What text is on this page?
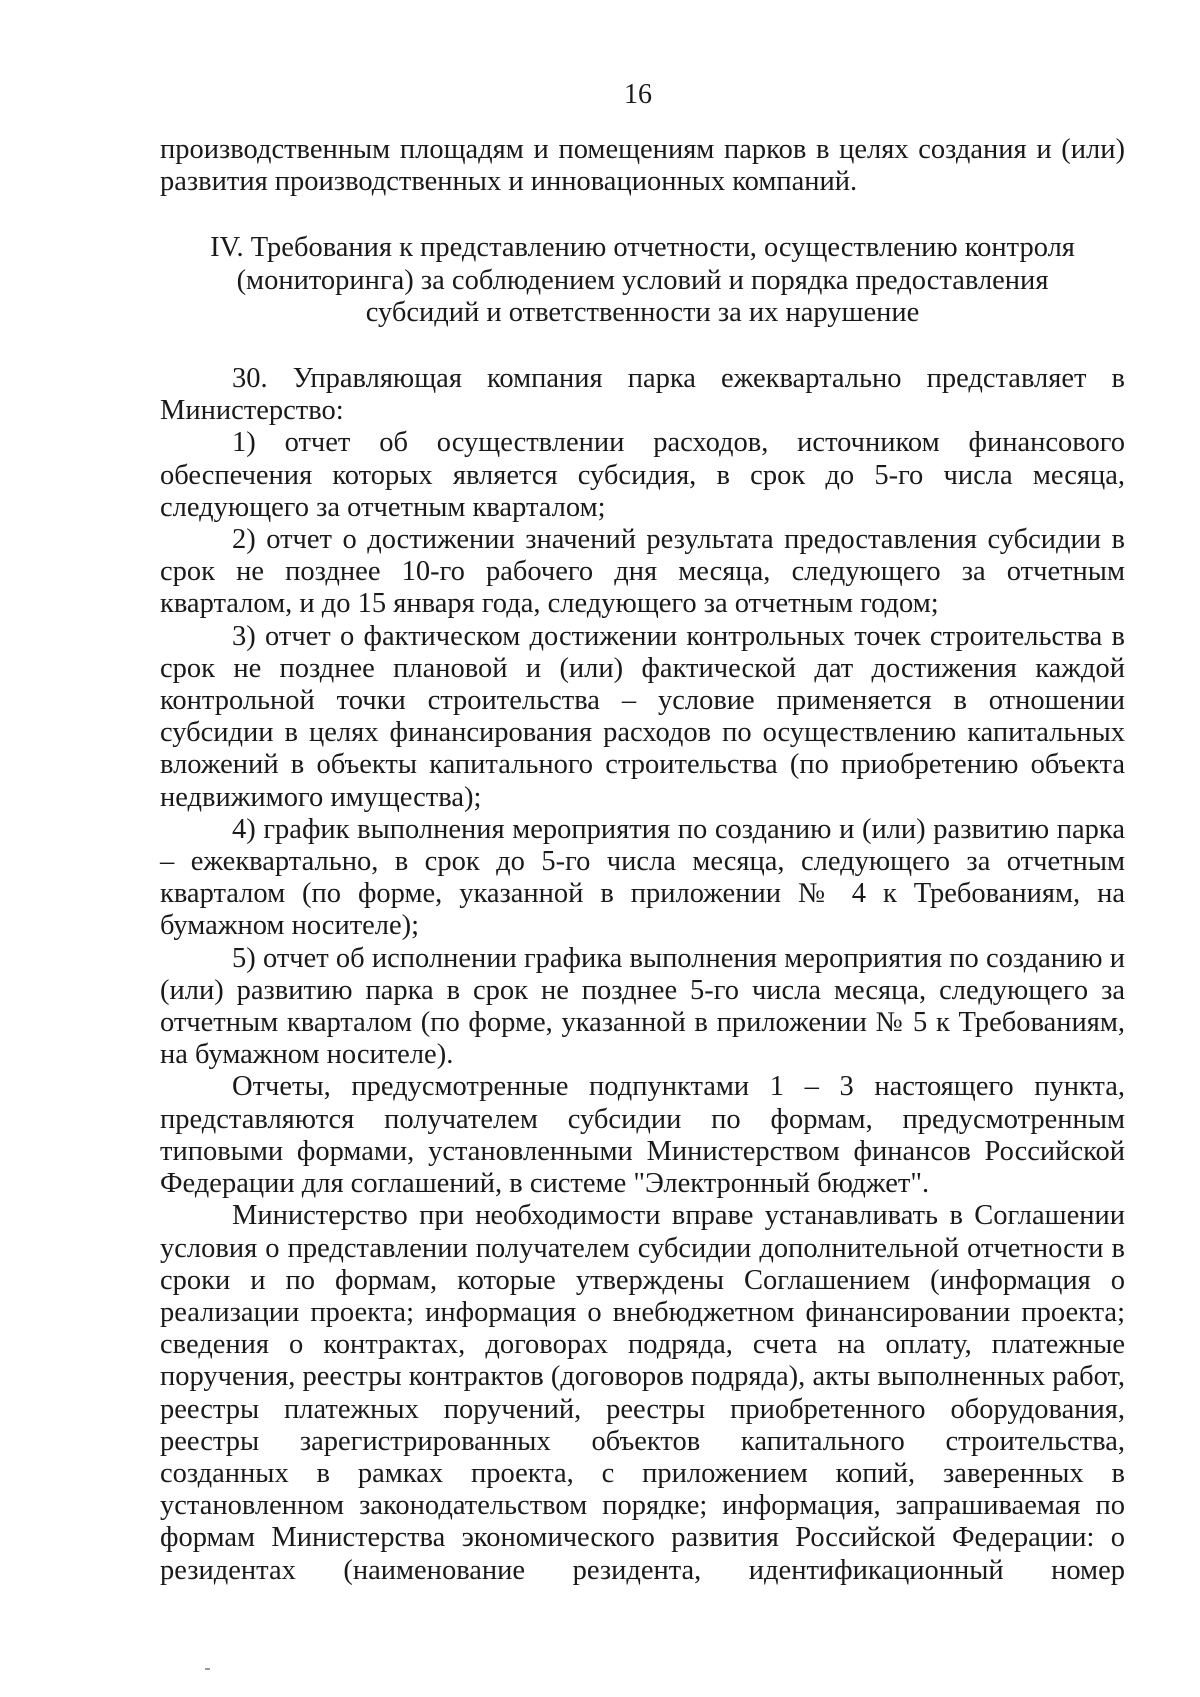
16

производственным площадям и помещениям парков в целях создания и (или) развития производственных и инновационных компаний.

IV. Требования к представлению отчетности, осуществлению контроля
(мониторинга) за соблюдением условий и порядка предоставления
субсидий и ответственности за их нарушение

30. Управляющая компания парка ежеквартально представляет в Министерство:

1) отчет об осуществлении расходов, источником финансового обеспечения которых является субсидия, в срок до 5-го числа месяца, следующего за отчетным кварталом;

2) отчет о достижении значений результата предоставления субсидии в срок не позднее 10-го рабочего дня месяца, следующего за отчетным кварталом, и до 15 января года, следующего за отчетным годом;

3) отчет о фактическом достижении контрольных точек строительства в срок не позднее плановой и (или) фактической дат достижения каждой контрольной точки строительства – условие применяется в отношении субсидии в целях финансирования расходов по осуществлению капитальных вложений в объекты капитального строительства (по приобретению объекта недвижимого имущества);

4) график выполнения мероприятия по созданию и (или) развитию парка – ежеквартально, в срок до 5-го числа месяца, следующего за отчетным кварталом (по форме, указанной в приложении № 4 к Требованиям, на бумажном носителе);

5) отчет об исполнении графика выполнения мероприятия по созданию и (или) развитию парка в срок не позднее 5-го числа месяца, следующего за отчетным кварталом (по форме, указанной в приложении № 5 к Требованиям, на бумажном носителе).

Отчеты, предусмотренные подпунктами 1 – 3 настоящего пункта, представляются получателем субсидии по формам, предусмотренным типовыми формами, установленными Министерством финансов Российской Федерации для соглашений, в системе "Электронный бюджет".

Министерство при необходимости вправе устанавливать в Соглашении условия о представлении получателем субсидии дополнительной отчетности в сроки и по формам, которые утверждены Соглашением (информация о реализации проекта; информация о внебюджетном финансировании проекта; сведения о контрактах, договорах подряда, счета на оплату, платежные поручения, реестры контрактов (договоров подряда), акты выполненных работ, реестры платежных поручений, реестры приобретенного оборудования, реестры зарегистрированных объектов капитального строительства, созданных в рамках проекта, с приложением копий, заверенных в установленном законодательством порядке; информация, запрашиваемая по формам Министерства экономического развития Российской Федерации: о резидентах (наименование резидента, идентификационный номер
